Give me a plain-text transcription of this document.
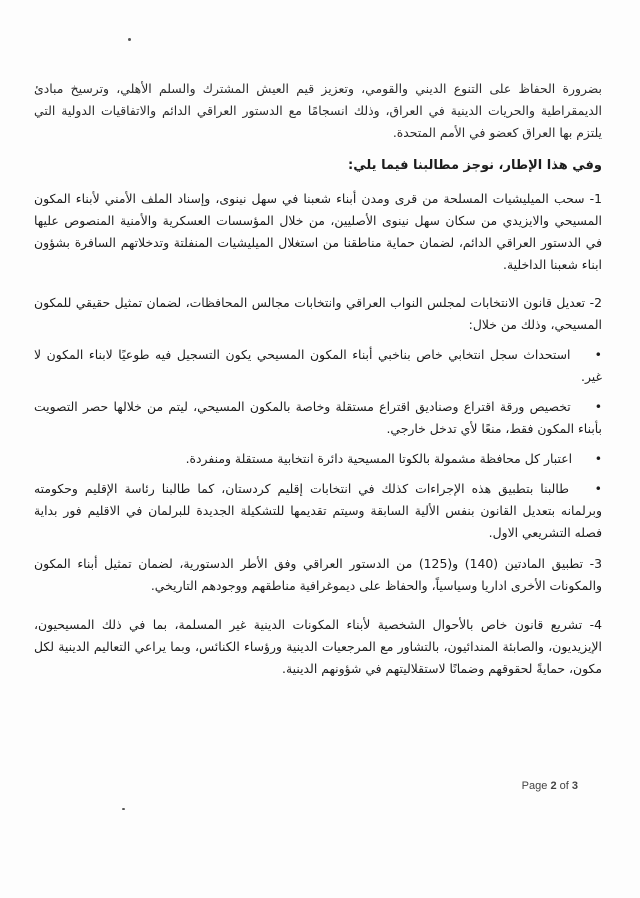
بضرورة الحفاظ على التنوع الديني والقومي، وتعزيز قيم العيش المشترك والسلم الأهلي، وترسيخ مبادئ الديمقراطية والحريات الدينية في العراق، وذلك انسجامًا مع الدستور العراقي الدائم والاتفاقيات الدولية التي يلتزم بها العراق كعضو في الأمم المتحدة.

وفي هذا الإطار، نوجز مطالبنا فيما يلي:

1- سحب الميليشيات المسلحة من قرى ومدن أبناء شعبنا في سهل نينوى، وإسناد الملف الأمني لأبناء المكون المسيحي والايزيدي من سكان سهل نينوى الأصليين، من خلال المؤسسات العسكرية والأمنية المنصوص عليها في الدستور العراقي الدائم، لضمان حماية مناطقنا من استغلال الميليشيات المنفلتة وتدخلاتهم السافرة بشؤون ابناء شعبنا الداخلية.

2- تعديل قانون الانتخابات لمجلس النواب العراقي وانتخابات مجالس المحافظات، لضمان تمثيل حقيقي للمكون المسيحي، وذلك من خلال:

• استحداث سجل انتخابي خاص بناخبي أبناء المكون المسيحي يكون التسجيل فيه طوعيًا لابناء المكون لا غير.

• تخصيص ورقة اقتراع وصناديق اقتراع مستقلة وخاصة بالمكون المسيحي، ليتم من خلالها حصر التصويت بأبناء المكون فقط، منعًا لأي تدخل خارجي.

• اعتبار كل محافظة مشمولة بالكوتا المسيحية دائرة انتخابية مستقلة ومنفردة.

• طالبنا بتطبيق هذه الإجراءات كذلك في انتخابات إقليم كردستان، كما طالبنا رئاسة الإقليم وحكومته وبرلمانه بتعديل القانون بنفس الألية السابقة وسيتم تقديمها للتشكيلة الجديدة للبرلمان في الاقليم فور بداية فصله التشريعي الاول.

3- تطبيق المادتين (140) و(125) من الدستور العراقي وفق الأطر الدستورية، لضمان تمثيل أبناء المكون والمكونات الأخرى اداريا وسياسياً، والحفاظ على ديموغرافية مناطقهم ووجودهم التاريخي.

4- تشريع قانون خاص بالأحوال الشخصية لأبناء المكونات الدينية غير المسلمة، بما في ذلك المسيحيون، الإيزيديون، والصابئة المندائيون، بالتشاور مع المرجعيات الدينية ورؤساء الكنائس، وبما يراعي التعاليم الدينية لكل مكون، حمايةً لحقوقهم وضمانًا لاستقلاليتهم في شؤونهم الدينية.

Page 2 of 3
